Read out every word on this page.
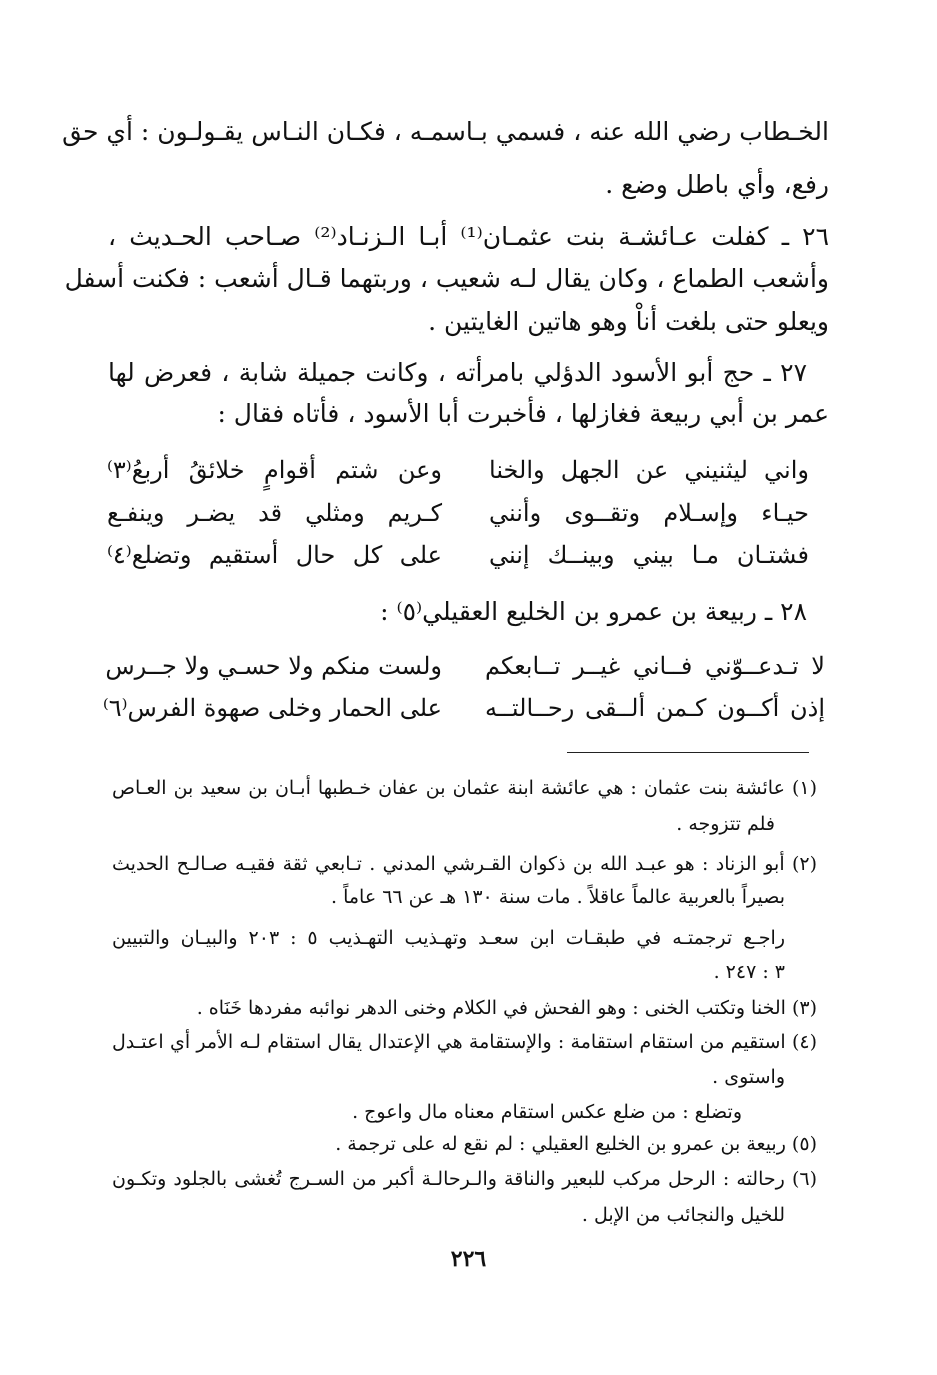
الخـطاب رضي الله عنه ، فسمي بـاسمـه ، فكـان النـاس يقـولـون : أي حق
رفع، وأي باطل وضع .
٢٦ ـ كفلت عـائشـة بنت عثمـان⁽¹⁾ أبـا الـزنـاد⁽²⁾ صـاحب الحـديث ،
وأشعب الطماع ، وكان يقال لـه شعيب ، وربتهما قـال أشعب : فكنت أسفل
ويعلو حتى بلغت أناْ وهو هاتين الغايتين .
٢٧ ـ حج أبو الأسود الدؤلي بامرأته ، وكانت جميلة شابة ، فعرض لها
عمر بن أبي ربيعة فغازلها ، فأخبرت أبا الأسود ، فأتاه فقال :
واني ليثنيني عن الجهل والخنا
وعن شتم أقوامٍ خلائقُ أربعُ⁽٣⁾
حيـاء وإسـلام وتقــوى وأنني
كـريم ومثلي قد يضـر وينفـع
فشتـان مـا بيني وبينــك إنني
على كل حال أستقيم وتضلع⁽٤⁾
٢٨ ـ ربيعة بن عمرو بن الخليع العقيلي⁽٥⁾ :
لا تـدعــوّني فــاني غيــر تــابعكم
ولست منكم ولا حسـي ولا جــرس
إذن أكــون كـمن ألــقى رحــالتــه
على الحمار وخلى صهوة الفرس⁽٦⁾
(١) عائشة بنت عثمان : هي عائشة ابنة عثمان بن عفان خـطبها أبـان بن سعيد بن العـاص
فلم تتزوجه .
(٢) أبو الزناد : هو عبـد الله بن ذكوان القـرشي المدني . تـابعي ثقة فقيـه صـالـح الحديث
بصيراً بالعربية عالماً عاقلاً . مات سنة ١٣٠ هـ عن ٦٦ عاماً .
راجـع ترجمتـه في طبقـات ابن سعـد وتهـذيب التهـذيب ٥ : ٢٠٣ والبيـان والتبيين
٣ : ٢٤٧ .
(٣) الخنا وتكتب الخنى : وهو الفحش في الكلام وخنى الدهر نوائبه مفردها خَنَاه .
(٤) استقيم من استقام استقامة : والإستقامة هي الإعتدال يقال استقام لـه الأمر أي اعتـدل
واستوى .
وتضلع : من ضلع عكس استقام معناه مال واعوج .
(٥) ربيعة بن عمرو بن الخليع العقيلي : لم نقع له على ترجمة .
(٦) رحالته : الرحل مركب للبعير والناقة والـرحالـة أكبر من السـرج تُغشى بالجلود وتكـون
للخيل والنجائب من الإبل .
٢٢٦
